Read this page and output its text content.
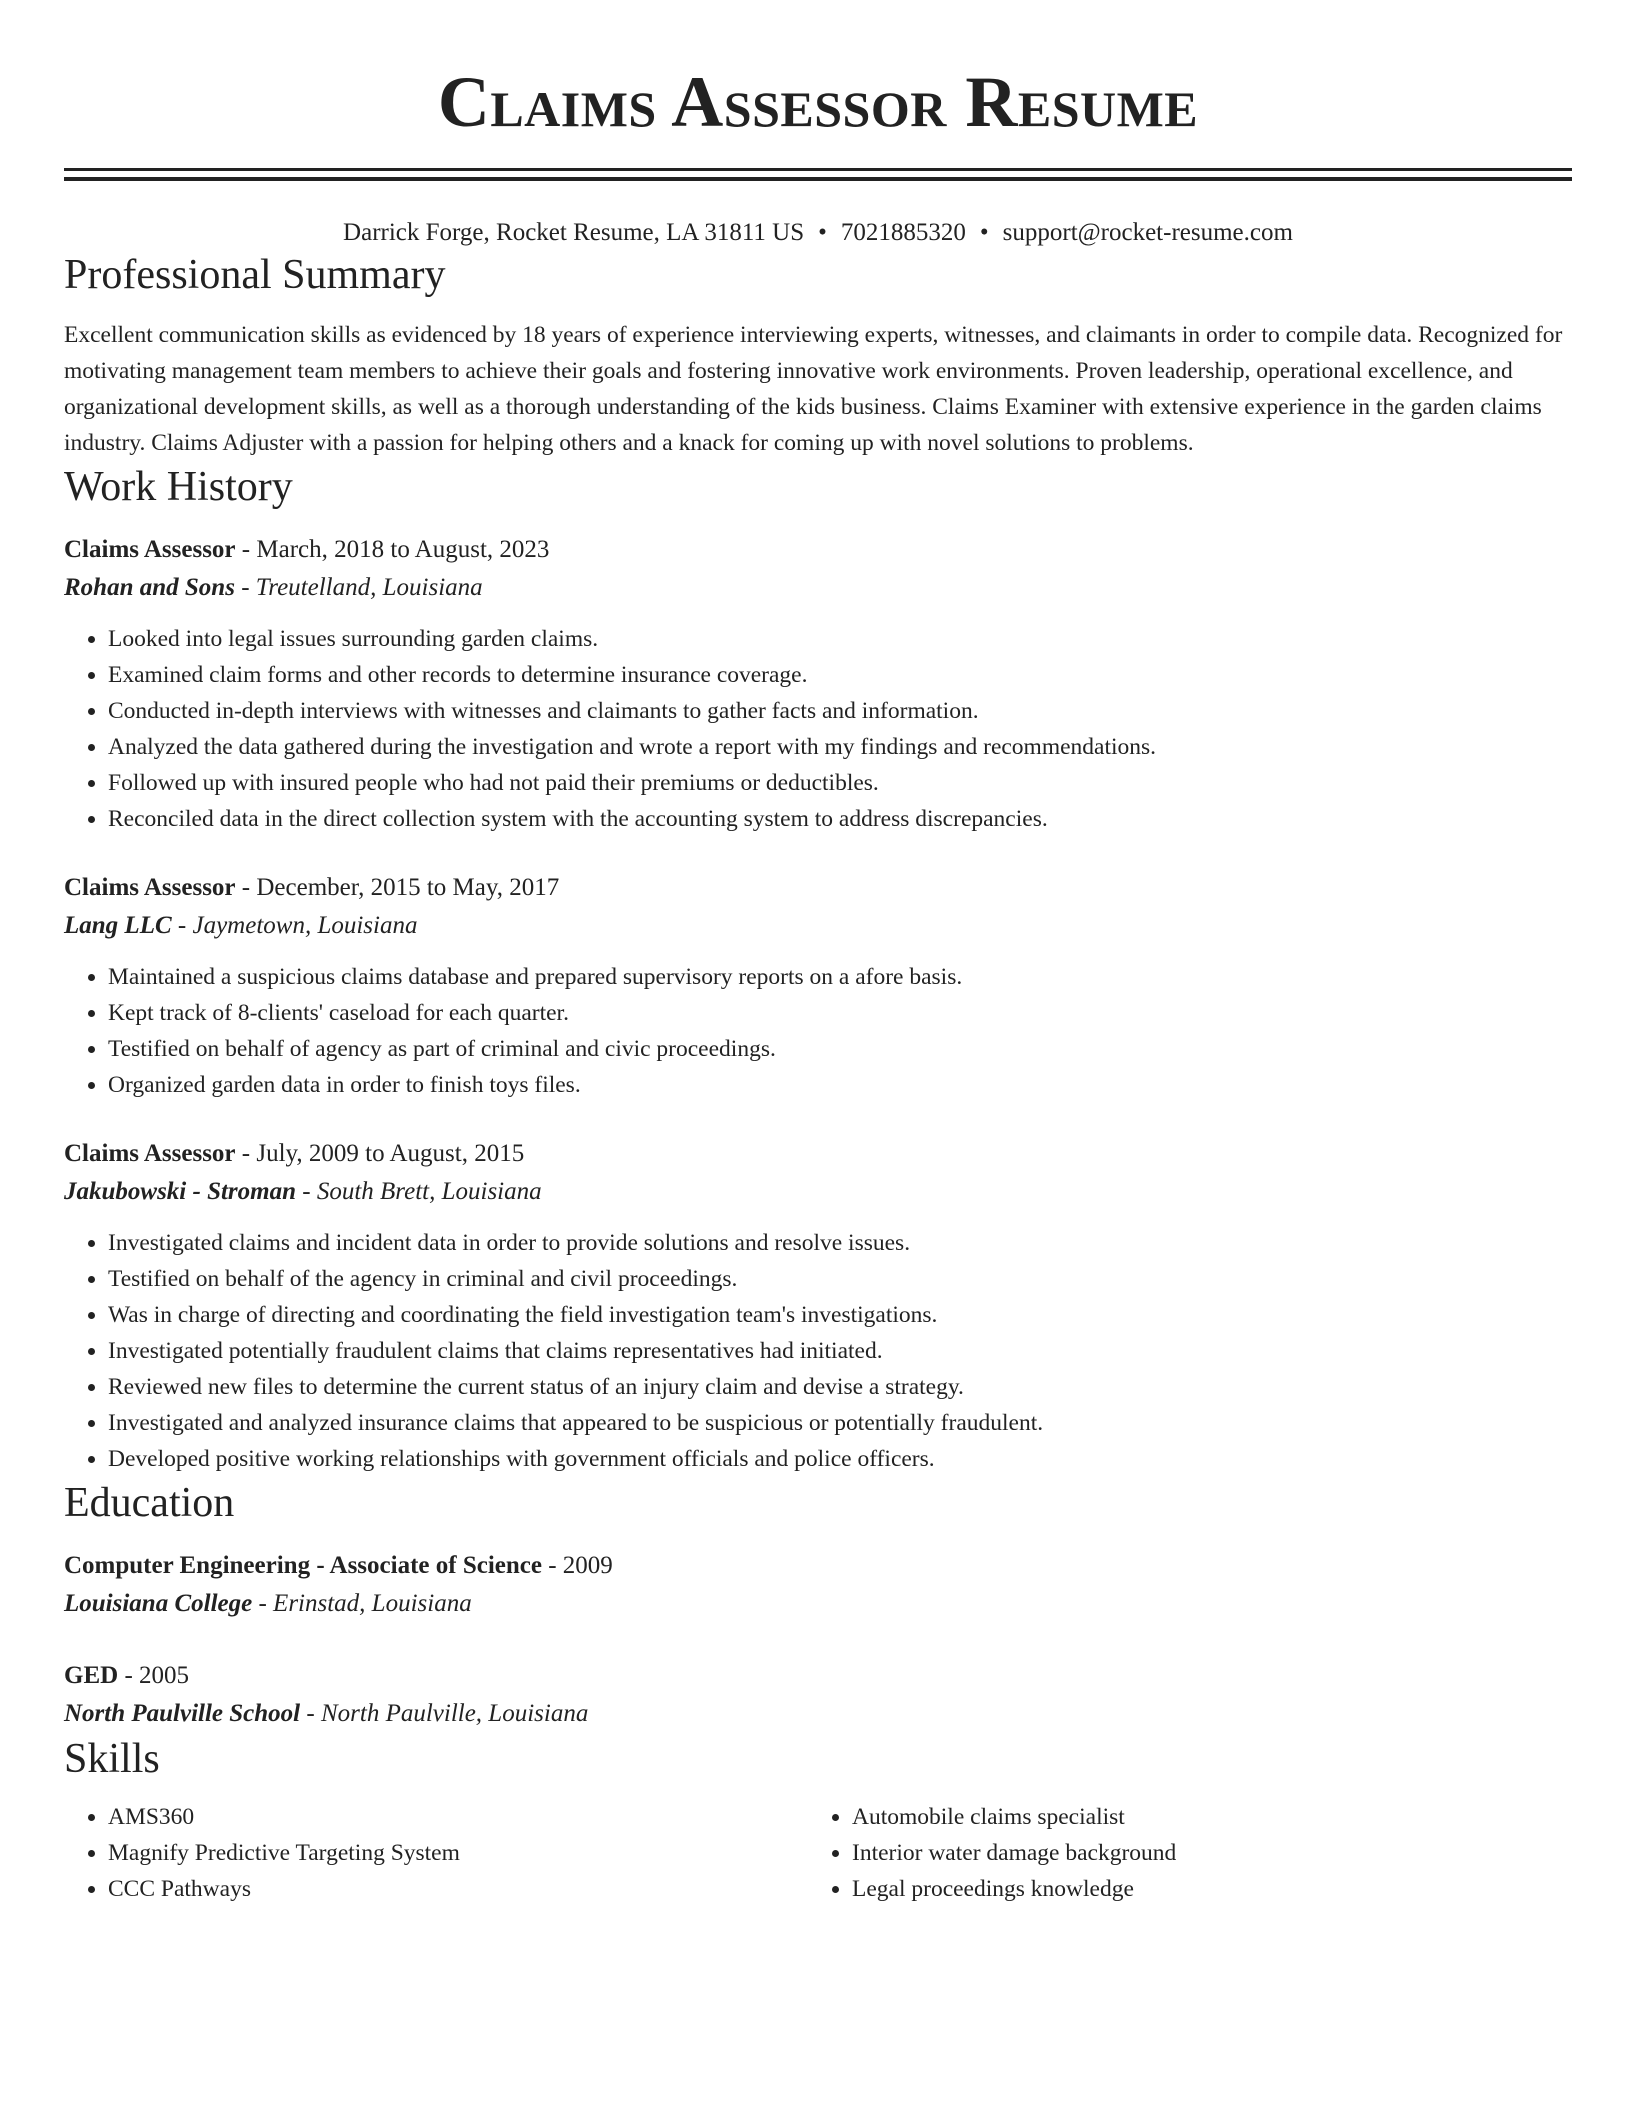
Claims Assessor Resume
Darrick Forge, Rocket Resume, LA 31811 US • 7021885320 • support@rocket-resume.com
Professional Summary
Excellent communication skills as evidenced by 18 years of experience interviewing experts, witnesses, and claimants in order to compile data. Recognized for motivating management team members to achieve their goals and fostering innovative work environments. Proven leadership, operational excellence, and organizational development skills, as well as a thorough understanding of the kids business. Claims Examiner with extensive experience in the garden claims industry. Claims Adjuster with a passion for helping others and a knack for coming up with novel solutions to problems.
Work History
Claims Assessor - March, 2018 to August, 2023
Rohan and Sons - Treutelland, Louisiana
• Looked into legal issues surrounding garden claims.
• Examined claim forms and other records to determine insurance coverage.
• Conducted in-depth interviews with witnesses and claimants to gather facts and information.
• Analyzed the data gathered during the investigation and wrote a report with my findings and recommendations.
• Followed up with insured people who had not paid their premiums or deductibles.
• Reconciled data in the direct collection system with the accounting system to address discrepancies.
Claims Assessor - December, 2015 to May, 2017
Lang LLC - Jaymetown, Louisiana
• Maintained a suspicious claims database and prepared supervisory reports on a afore basis.
• Kept track of 8-clients' caseload for each quarter.
• Testified on behalf of agency as part of criminal and civic proceedings.
• Organized garden data in order to finish toys files.
Claims Assessor - July, 2009 to August, 2015
Jakubowski - Stroman - South Brett, Louisiana
• Investigated claims and incident data in order to provide solutions and resolve issues.
• Testified on behalf of the agency in criminal and civil proceedings.
• Was in charge of directing and coordinating the field investigation team's investigations.
• Investigated potentially fraudulent claims that claims representatives had initiated.
• Reviewed new files to determine the current status of an injury claim and devise a strategy.
• Investigated and analyzed insurance claims that appeared to be suspicious or potentially fraudulent.
• Developed positive working relationships with government officials and police officers.
Education
Computer Engineering - Associate of Science - 2009
Louisiana College - Erinstad, Louisiana
GED - 2005
North Paulville School - North Paulville, Louisiana
Skills
• AMS360
• Magnify Predictive Targeting System
• CCC Pathways
• Automobile claims specialist
• Interior water damage background
• Legal proceedings knowledge
